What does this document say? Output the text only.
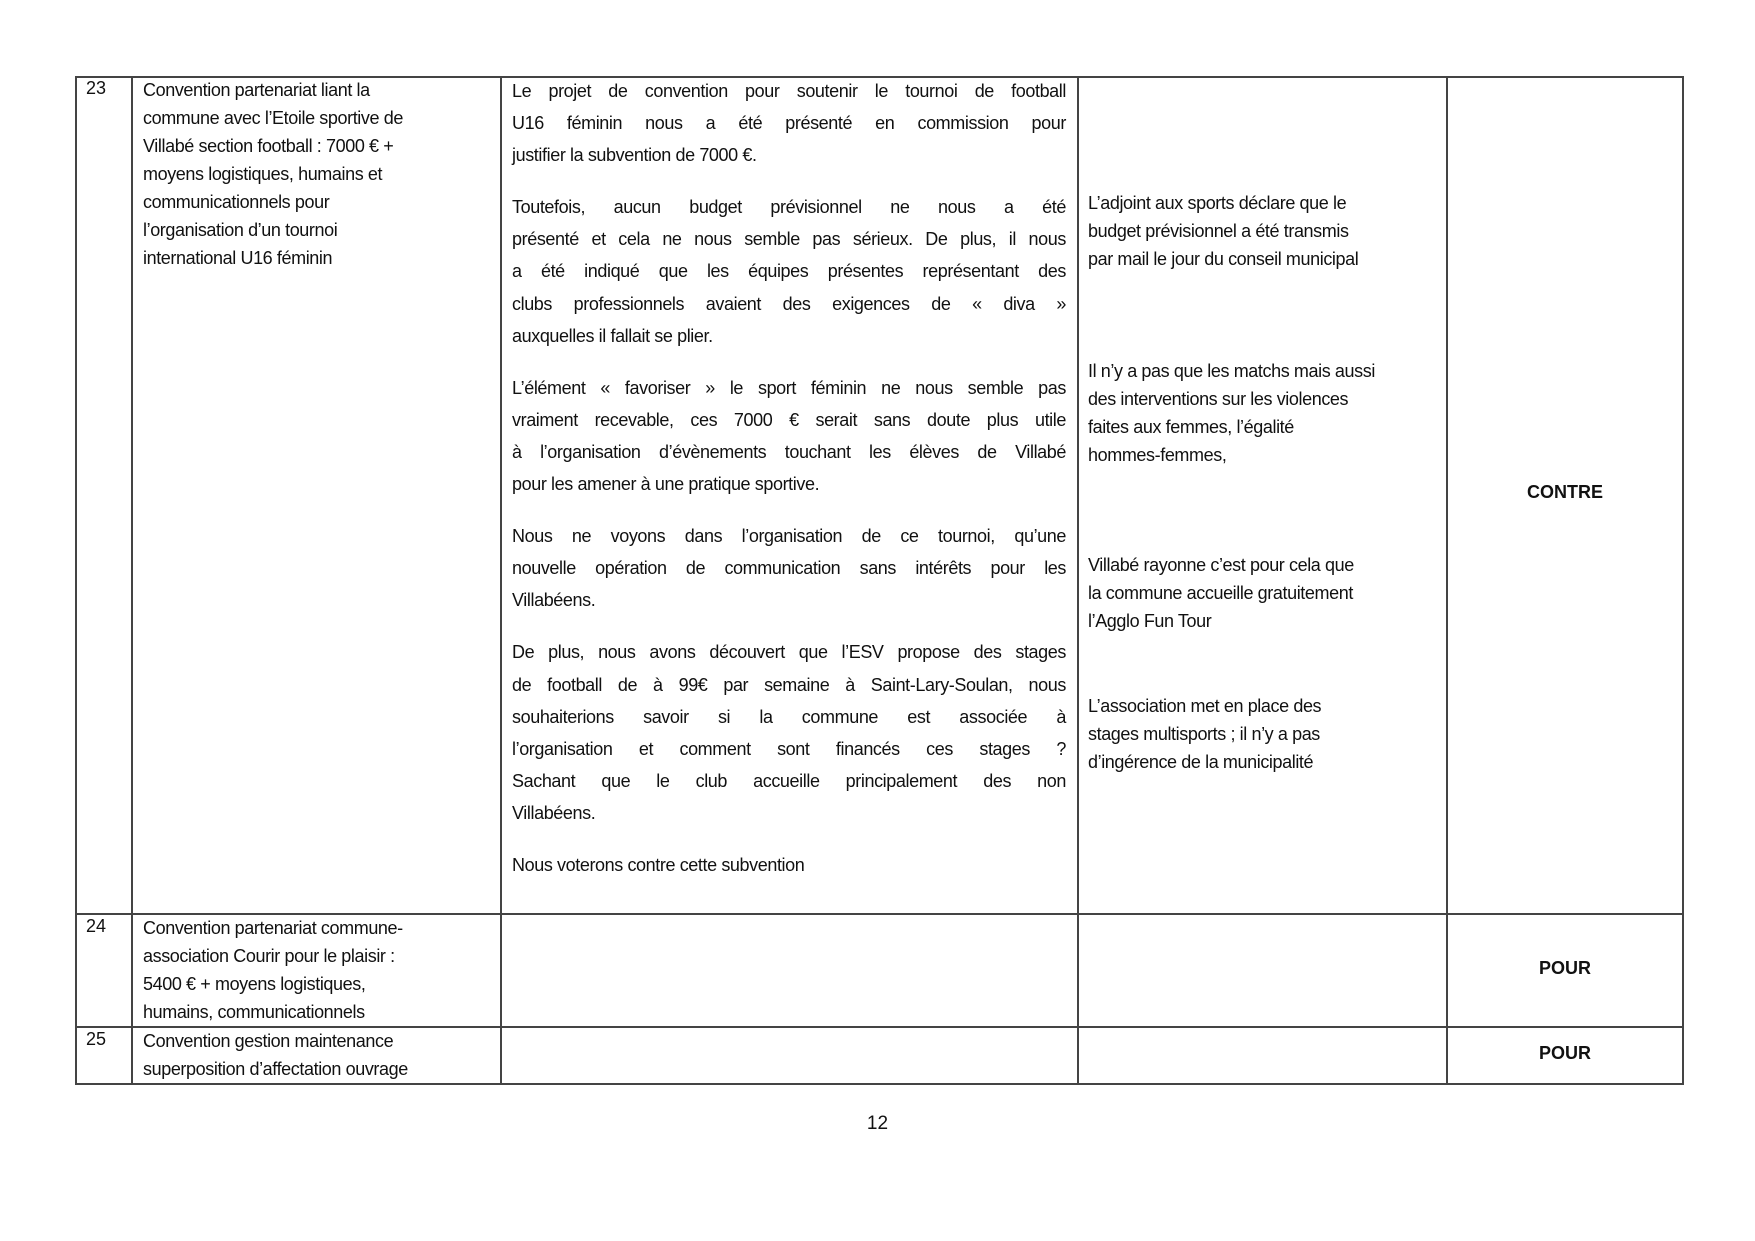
23 Convention partenariat liant la
commune avec l’Etoile sportive de
Villabé section football : 7000 € +
moyens logistiques, humains et
communicationnels pour
l’organisation d’un tournoi
international U16 féminin
Le projet de convention pour soutenir le tournoi de football
U16 féminin nous a été présenté en commission pour
justifier la subvention de 7000 €.
Toutefois, aucun budget prévisionnel ne nous a été
présenté et cela ne nous semble pas sérieux. De plus, il nous
a été indiqué que les équipes présentes représentant des
clubs professionnels avaient des exigences de « diva »
auxquelles il fallait se plier.
L’élément « favoriser » le sport féminin ne nous semble pas
vraiment recevable, ces 7000 € serait sans doute plus utile
à l’organisation d’évènements touchant les élèves de Villabé
pour les amener à une pratique sportive.
Nous ne voyons dans l’organisation de ce tournoi, qu’une
nouvelle opération de communication sans intérêts pour les
Villabéens.
De plus, nous avons découvert que l’ESV propose des stages
de football de à 99€ par semaine à Saint-Lary-Soulan, nous
souhaiterions savoir si la commune est associée à
l’organisation et comment sont financés ces stages ?
Sachant que le club accueille principalement des non
Villabéens.
Nous voterons contre cette subvention
L’adjoint aux sports déclare que le
budget prévisionnel a été transmis
par mail le jour du conseil municipal
Il n’y a pas que les matchs mais aussi
des interventions sur les violences
faites aux femmes, l’égalité
hommes-femmes,
Villabé rayonne c’est pour cela que
la commune accueille gratuitement
l’Agglo Fun Tour
L’association met en place des
stages multisports ; il n’y a pas
d’ingérence de la municipalité
CONTRE
24 Convention partenariat commune-
association Courir pour le plaisir :
5400 € + moyens logistiques,
humains, communicationnels
POUR
25 Convention gestion maintenance
superposition d’affectation ouvrage
POUR
12
